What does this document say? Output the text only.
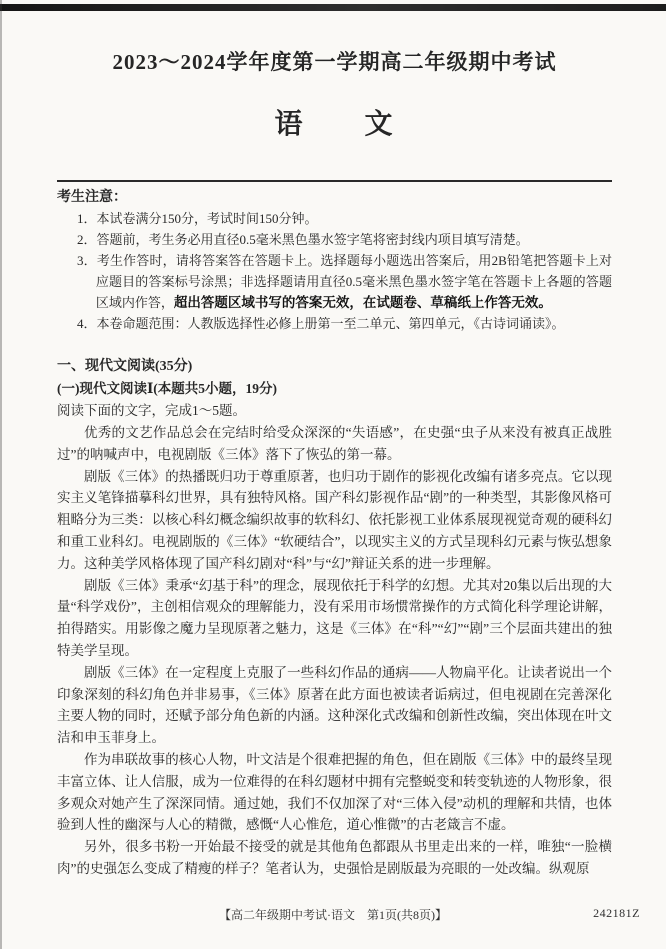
2023～2024学年度第一学期高二年级期中考试
语　　文
考生注意：
1．本试卷满分150分，考试时间150分钟。
2．答题前，考生务必用直径0.5毫米黑色墨水签字笔将密封线内项目填写清楚。
3．考生作答时，请将答案答在答题卡上。选择题每小题选出答案后，用2B铅笔把答题卡上对应题目的答案标号涂黑；非选择题请用直径0.5毫米黑色墨水签字笔在答题卡上各题的答题区域内作答，超出答题区域书写的答案无效，在试题卷、草稿纸上作答无效。
4．本卷命题范围：人教版选择性必修上册第一至二单元、第四单元，《古诗词诵读》。
一、现代文阅读(35分)
(一)现代文阅读Ⅰ(本题共5小题，19分)
阅读下面的文字，完成1～5题。

优秀的文艺作品总会在完结时给受众深深的“失语感”，在史强“虫子从来没有被真正战胜过”的呐喊声中，电视剧版《三体》落下了恢弘的第一幕。

剧版《三体》的热播既归功于尊重原著，也归功于剧作的影视化改编有诸多亮点。它以现实主义笔锋描摹科幻世界，具有独特风格。国产科幻影视作品“剧”的一种类型，其影像风格可粗略分为三类：以核心科幻概念编织故事的软科幻、依托影视工业体系展现视觉奇观的硬科幻和重工业科幻。电视剧版的《三体》“软硬结合”，以现实主义的方式呈现科幻元素与恢弘想象力。这种美学风格体现了国产科幻剧对“科”与“幻”辩证关系的进一步理解。

剧版《三体》秉承“幻基于科”的理念，展现依托于科学的幻想。尤其对20集以后出现的大量“科学戏份”，主创相信观众的理解能力，没有采用市场惯常操作的方式简化科学理论讲解，拍得踏实。用影像之魔力呈现原著之魅力，这是《三体》在“科”“幻”“剧”三个层面共建出的独特美学呈现。

剧版《三体》在一定程度上克服了一些科幻作品的通病——人物扁平化。让读者说出一个印象深刻的科幻角色并非易事，《三体》原著在此方面也被读者诟病过，但电视剧在完善深化主要人物的同时，还赋予部分角色新的内涵。这种深化式改编和创新性改编，突出体现在叶文洁和申玉菲身上。

作为串联故事的核心人物，叶文洁是个很难把握的角色，但在剧版《三体》中的最终呈现丰富立体、让人信服，成为一位难得的在科幻题材中拥有完整蜕变和转变轨迹的人物形象，很多观众对她产生了深深同情。通过她，我们不仅加深了对“三体入侵”动机的理解和共情，也体验到人性的幽深与人心的精微，感慨“人心惟危，道心惟微”的古老箴言不虚。

另外，很多书粉一开始最不接受的就是其他角色都跟从书里走出来的一样，唯独“一脸横肉”的史强怎么变成了精瘦的样子？笔者认为，史强恰是剧版最为亮眼的一处改编。纵观原

【高二年级期中考试·语文　第1页(共8页)】	242181Z
